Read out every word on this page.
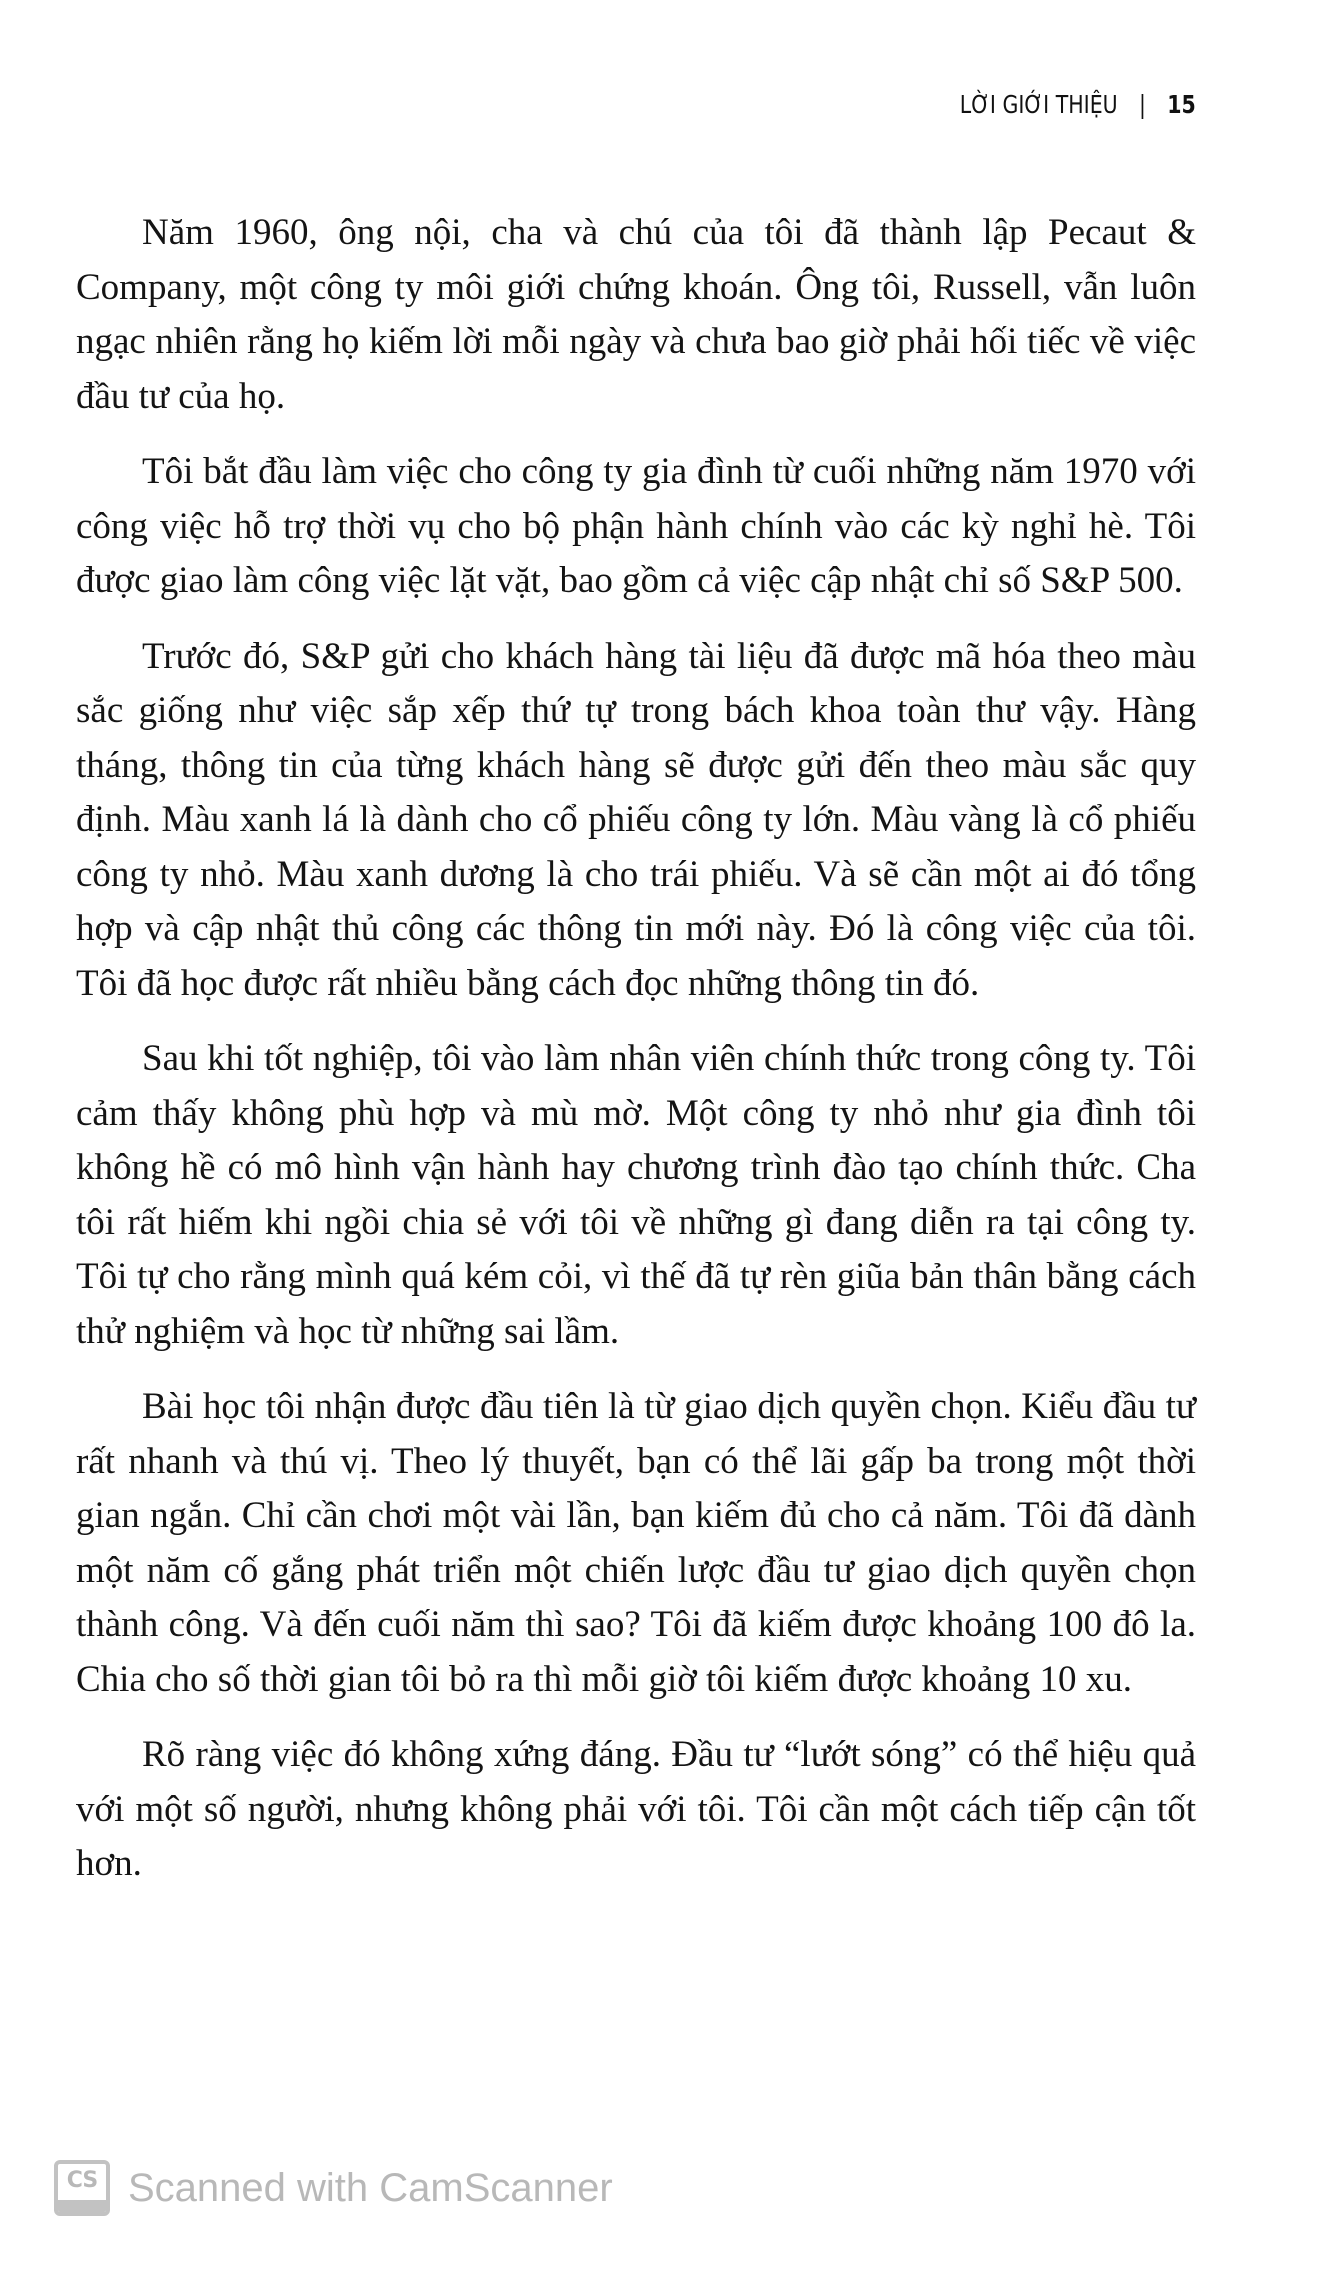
LỜI GIỚI THIỆU | 15

Năm 1960, ông nội, cha và chú của tôi đã thành lập Pecaut & Company, một công ty môi giới chứng khoán. Ông tôi, Russell, vẫn luôn ngạc nhiên rằng họ kiếm lời mỗi ngày và chưa bao giờ phải hối tiếc về việc đầu tư của họ.

Tôi bắt đầu làm việc cho công ty gia đình từ cuối những năm 1970 với công việc hỗ trợ thời vụ cho bộ phận hành chính vào các kỳ nghỉ hè. Tôi được giao làm công việc lặt vặt, bao gồm cả việc cập nhật chỉ số S&P 500.

Trước đó, S&P gửi cho khách hàng tài liệu đã được mã hóa theo màu sắc giống như việc sắp xếp thứ tự trong bách khoa toàn thư vậy. Hàng tháng, thông tin của từng khách hàng sẽ được gửi đến theo màu sắc quy định. Màu xanh lá là dành cho cổ phiếu công ty lớn. Màu vàng là cổ phiếu công ty nhỏ. Màu xanh dương là cho trái phiếu. Và sẽ cần một ai đó tổng hợp và cập nhật thủ công các thông tin mới này. Đó là công việc của tôi. Tôi đã học được rất nhiều bằng cách đọc những thông tin đó.

Sau khi tốt nghiệp, tôi vào làm nhân viên chính thức trong công ty. Tôi cảm thấy không phù hợp và mù mờ. Một công ty nhỏ như gia đình tôi không hề có mô hình vận hành hay chương trình đào tạo chính thức. Cha tôi rất hiếm khi ngồi chia sẻ với tôi về những gì đang diễn ra tại công ty. Tôi tự cho rằng mình quá kém cỏi, vì thế đã tự rèn giũa bản thân bằng cách thử nghiệm và học từ những sai lầm.

Bài học tôi nhận được đầu tiên là từ giao dịch quyền chọn. Kiểu đầu tư rất nhanh và thú vị. Theo lý thuyết, bạn có thể lãi gấp ba trong một thời gian ngắn. Chỉ cần chơi một vài lần, bạn kiếm đủ cho cả năm. Tôi đã dành một năm cố gắng phát triển một chiến lược đầu tư giao dịch quyền chọn thành công. Và đến cuối năm thì sao? Tôi đã kiếm được khoảng 100 đô la. Chia cho số thời gian tôi bỏ ra thì mỗi giờ tôi kiếm được khoảng 10 xu.

Rõ ràng việc đó không xứng đáng. Đầu tư “lướt sóng” có thể hiệu quả với một số người, nhưng không phải với tôi. Tôi cần một cách tiếp cận tốt hơn.

CS Scanned with CamScanner
